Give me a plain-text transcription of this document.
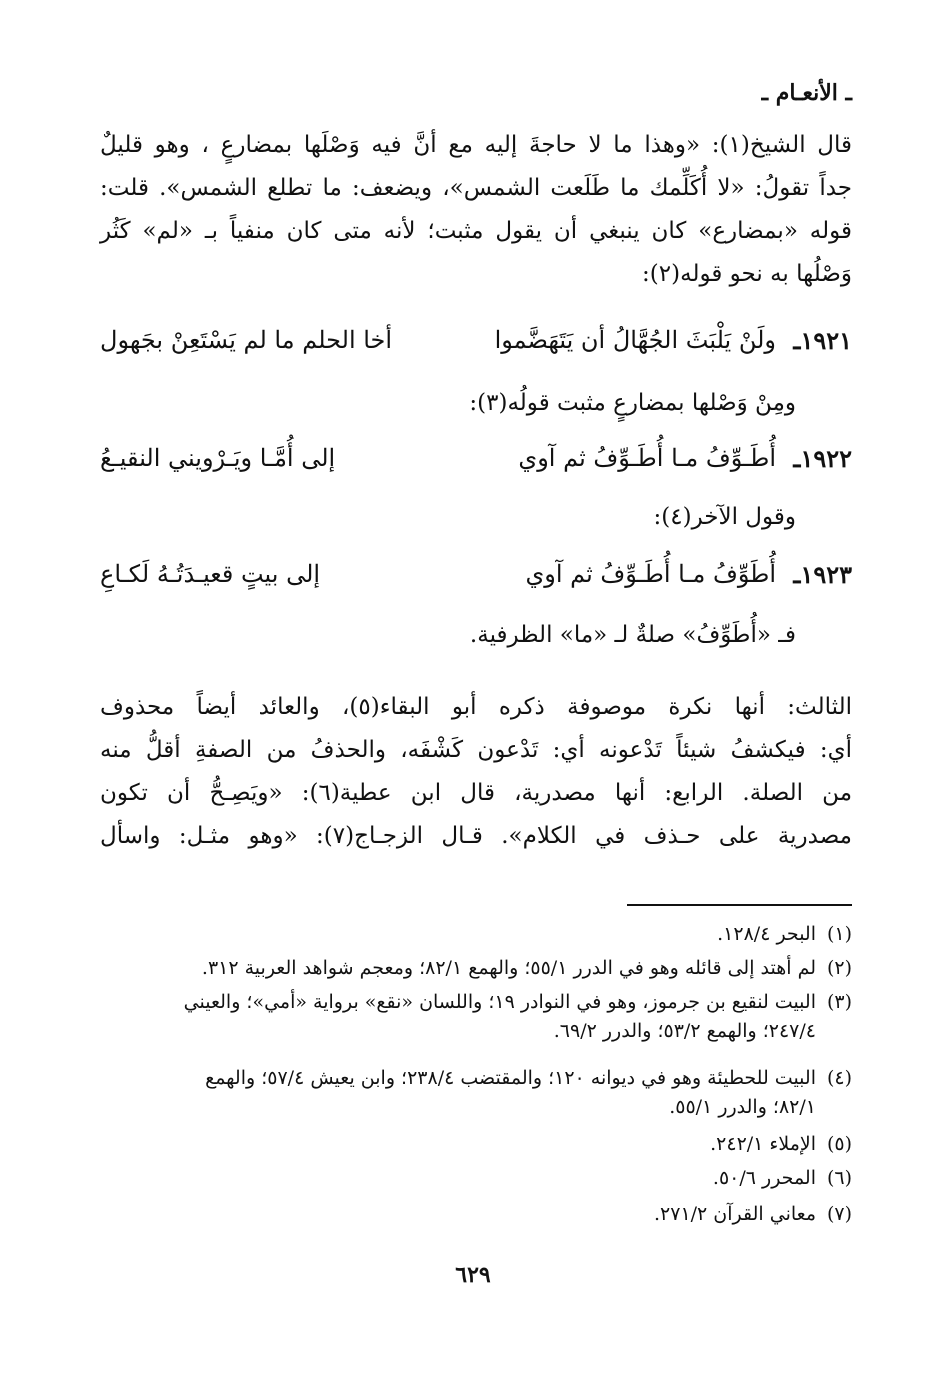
ـ الأنعـام ـ
قال الشيخ(١): «وهذا ما لا حاجةَ إليه مع أنَّ فيه وَصْلَها بمضارعٍ ، وهو قليلٌ
جداً تقولُ: «لا أُكَلِّمك ما طَلَعت الشمس»، ويضعف: ما تطلع الشمس». قلت:
قوله «بمضارع» كان ينبغي أن يقول مثبت؛ لأنه متى كان منفياً بـ «لم» كَثُر
وَصْلُها به نحو قوله(٢):
١٩٢١ـ
ولَنْ يَلْبَثَ الجُهَّالُ أن يَتَهَضَّموا
أخا الحلم ما لم يَسْتَعِنْ بجَهول
ومِنْ وَصْلها بمضارعٍ مثبت قولُه(٣):
١٩٢٢ـ
أُطَـوِّفُ مـا أُطَـوِّفُ ثم آوي
إلى أُمَّـا ويَـرْويني النقيـعُ
وقول الآخر(٤):
١٩٢٣ـ
أُطَوِّفُ مـا أُطَـوِّفُ ثم آوي
إلى بيتٍ قعيـدَتُـهُ لَكـاعِ
فـ «أُطَوِّفُ» صلةٌ لـ «ما» الظرفية.
الثالث: أنها نكرة موصوفة ذكره أبو البقاء(٥)، والعائد أيضاً محذوف
أي: فيكشفُ شيئاً تَدْعونه أي: تَدْعون كَشْفَه، والحذفُ من الصفةِ أقلُّ منه
من الصلة. الرابع: أنها مصدرية، قال ابن عطية(٦): «ويَصِـحُّ أن تكون
مصدرية على حـذف في الكلام». قـال الزجـاج(٧): «وهو مثـل: واسأل
(١)البحر ١٢٨/٤.
(٢)لم أهتد إلى قائله وهو في الدرر ٥٥/١؛ والهمع ٨٢/١؛ ومعجم شواهد العربية ٣١٢.
(٣)البيت لنقيع بن جرموز، وهو في النوادر ١٩؛ واللسان «نقع» برواية «أمي»؛ والعيني
٢٤٧/٤؛ والهمع ٥٣/٢؛ والدرر ٦٩/٢.
(٤)البيت للحطيئة وهو في ديوانه ١٢٠؛ والمقتضب ٢٣٨/٤؛ وابن يعيش ٥٧/٤؛ والهمع
٨٢/١؛ والدرر ٥٥/١.
(٥)الإملاء ٢٤٢/١.
(٦)المحرر ٥٠/٦.
(٧)معاني القرآن ٢٧١/٢.
٦٢٩
